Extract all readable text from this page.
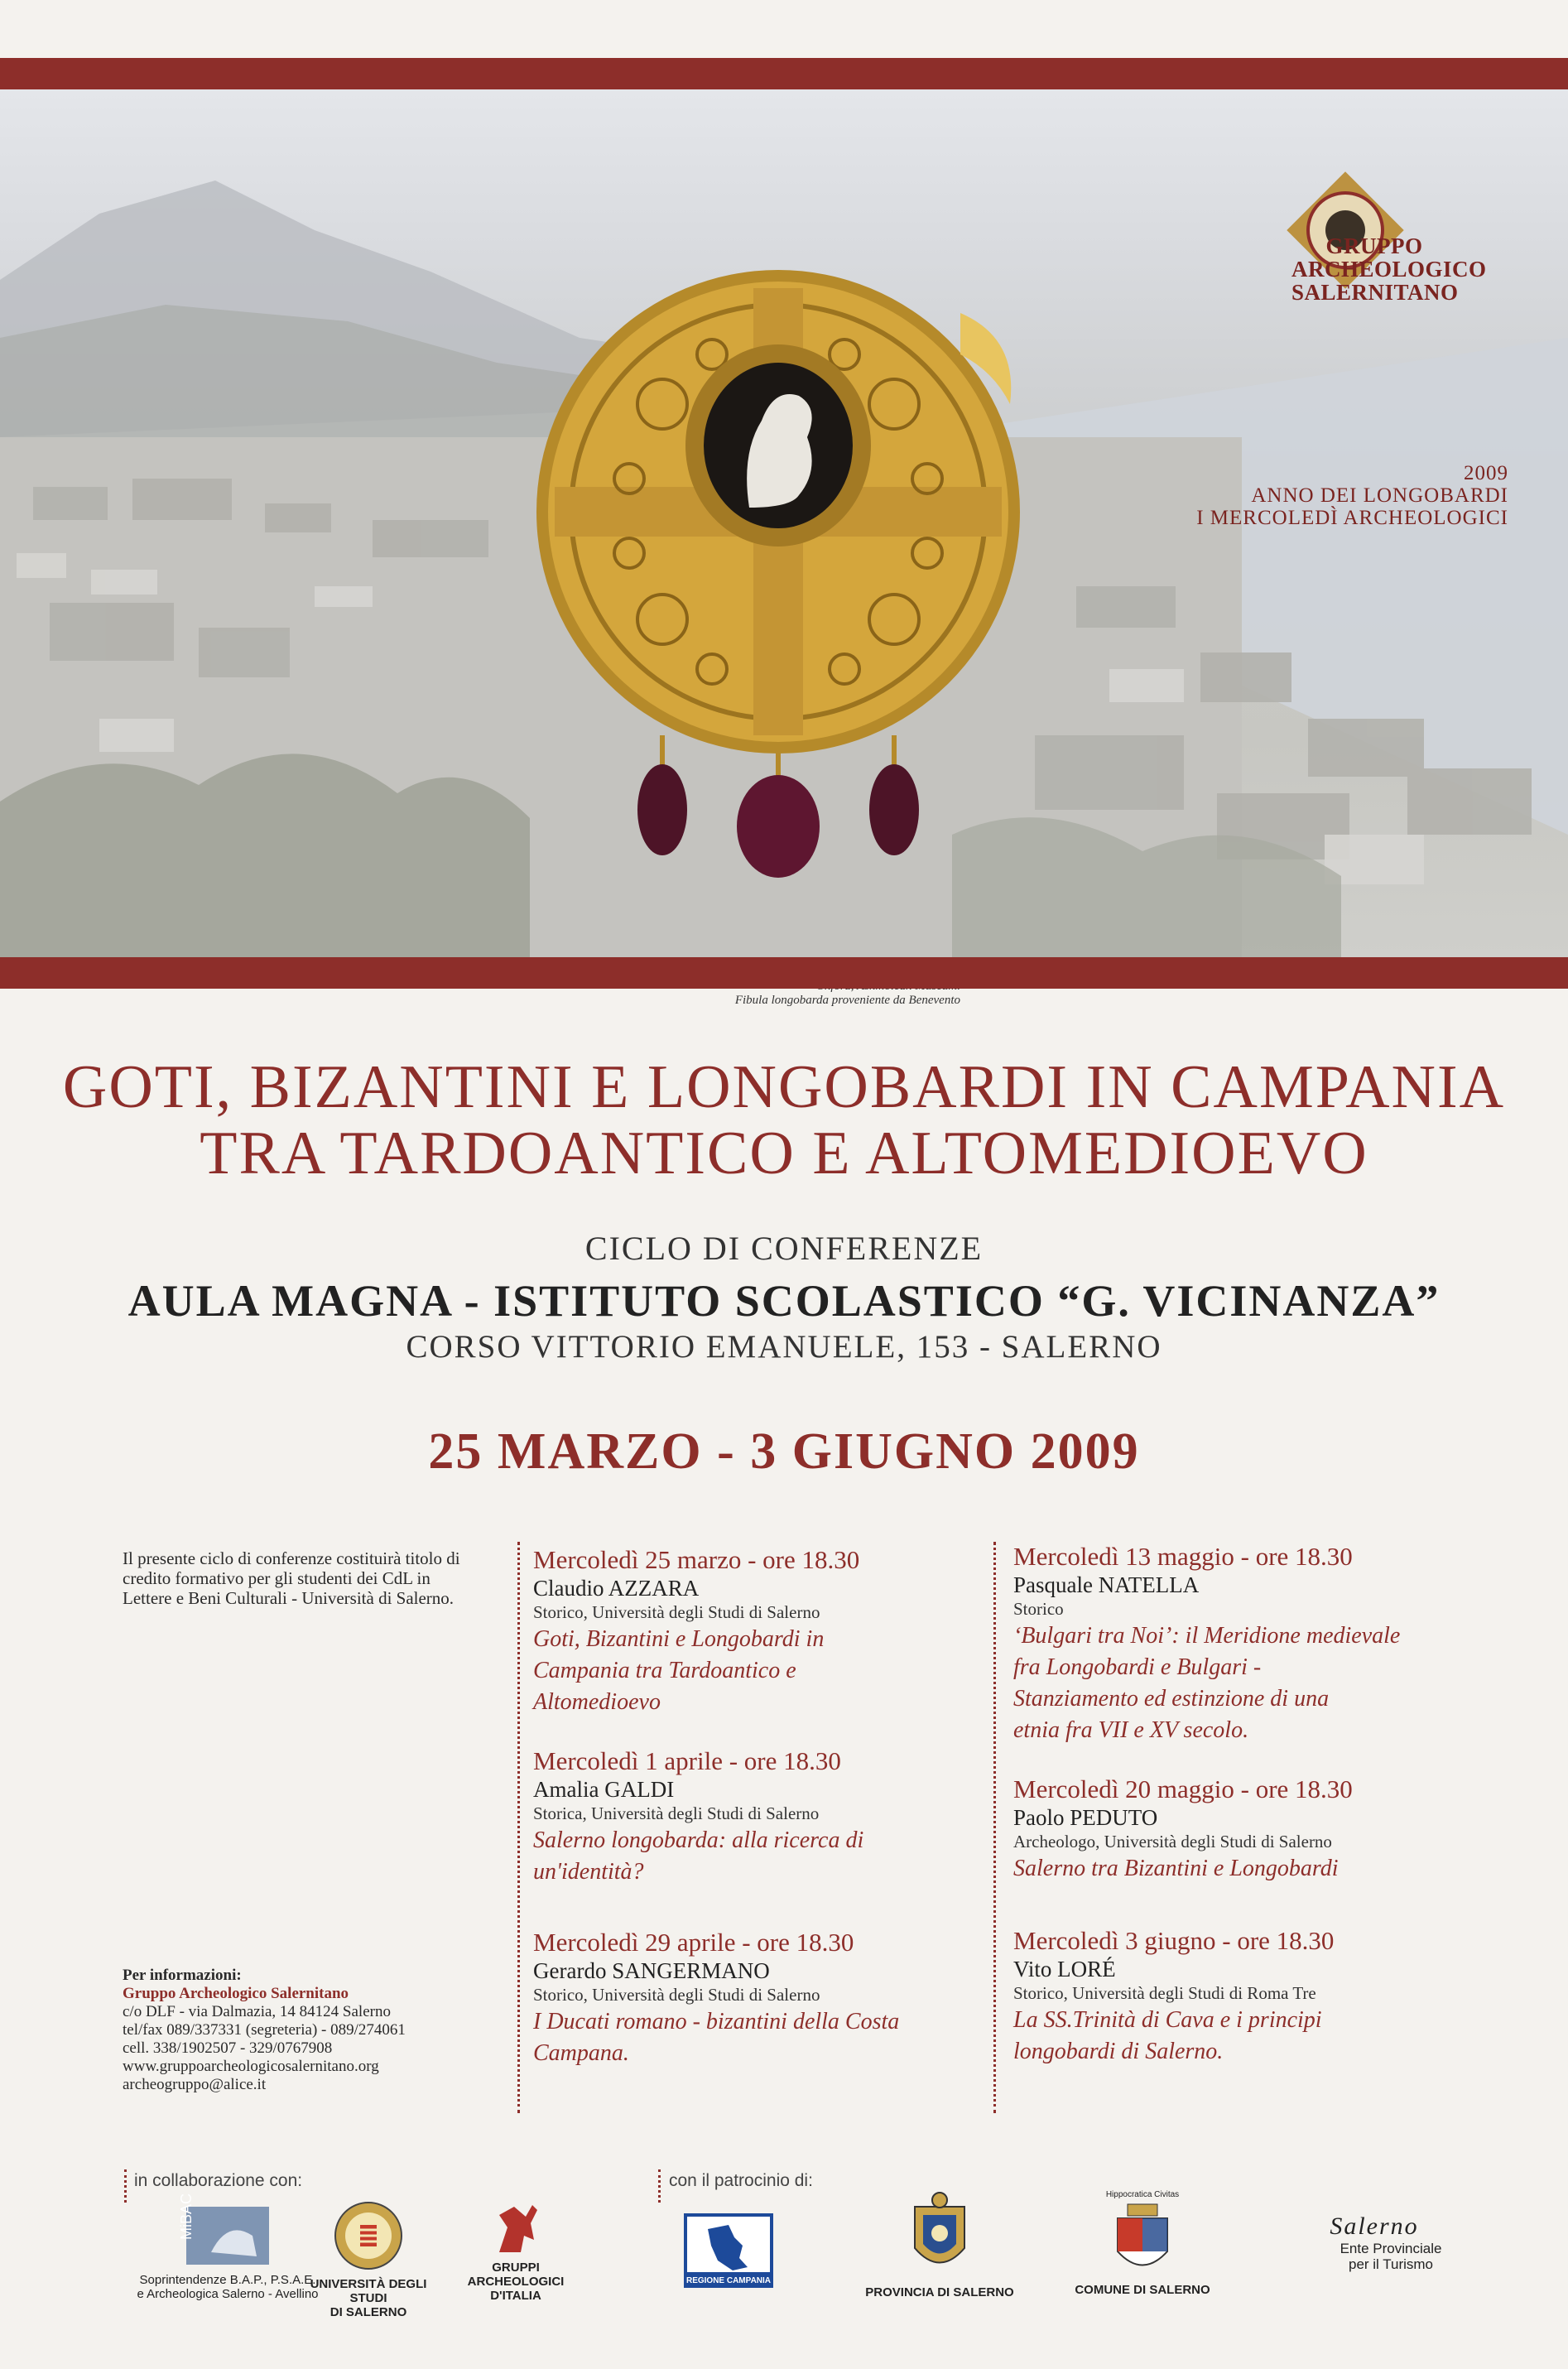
GRUPPO
ARCHEOLOGICO
SALERNITANO
2009
ANNO DEI LONGOBARDI
I MERCOLEDÌ ARCHEOLOGICI
Fibula longobarda proveniente da Benevento
GOTI, BIZANTINI E LONGOBARDI IN CAMPANIA
TRA TARDOANTICO E ALTOMEDIOEVO
CICLO DI CONFERENZE
AULA MAGNA - ISTITUTO SCOLASTICO “G. VICINANZA”
CORSO VITTORIO EMANUELE, 153 - SALERNO
25 MARZO - 3 GIUGNO 2009
Il presente ciclo di conferenze costituirà titolo di credito formativo per gli studenti dei CdL in Lettere e Beni Culturali - Università di Salerno.
Per informazioni:
Gruppo Archeologico Salernitano
c/o DLF - via Dalmazia, 14 84124 Salerno
tel/fax 089/337331 (segreteria) - 089/274061
cell. 338/1902507 - 329/0767908
www.gruppoarcheologicosalernitano.org
archeogruppo@alice.it
Mercoledì 25 marzo - ore 18.30
Claudio AZZARA
Storico, Università degli Studi di Salerno
Goti, Bizantini e Longobardi in
Campania tra Tardoantico e
Altomedioevo
Mercoledì 1 aprile - ore 18.30
Amalia GALDI
Storica, Università degli Studi di Salerno
Salerno longobarda: alla ricerca di
un'identità?
Mercoledì 29 aprile - ore 18.30
Gerardo SANGERMANO
Storico, Università degli Studi di Salerno
I Ducati romano - bizantini della Costa
Campana.
Mercoledì 13 maggio - ore 18.30
Pasquale NATELLA
Storico
‘Bulgari tra Noi’: il Meridione medievale
fra Longobardi e Bulgari -
Stanziamento ed estinzione di una
etnia fra VII e XV secolo.
Mercoledì 20 maggio - ore 18.30
Paolo PEDUTO
Archeologo, Università degli Studi di Salerno
Salerno tra Bizantini e Longobardi
Mercoledì 3 giugno - ore 18.30
Vito LORÉ
Storico, Università degli Studi di Roma Tre
La SS.Trinità di Cava e i principi
longobardi di Salerno.
in collaborazione con:	con il patrocinio di:
MiBAC
Soprintendenze B.A.P., P.S.A.E.
e Archeologica Salerno - Avellino
UNIVERSITÀ DEGLI STUDI
DI SALERNO
GRUPPI
ARCHEOLOGICI
D'ITALIA
REGIONE CAMPANIA
PROVINCIA DI SALERNO
Hippocratica Civitas
COMUNE DI SALERNO
Salerno
Ente Provinciale
per il Turismo
